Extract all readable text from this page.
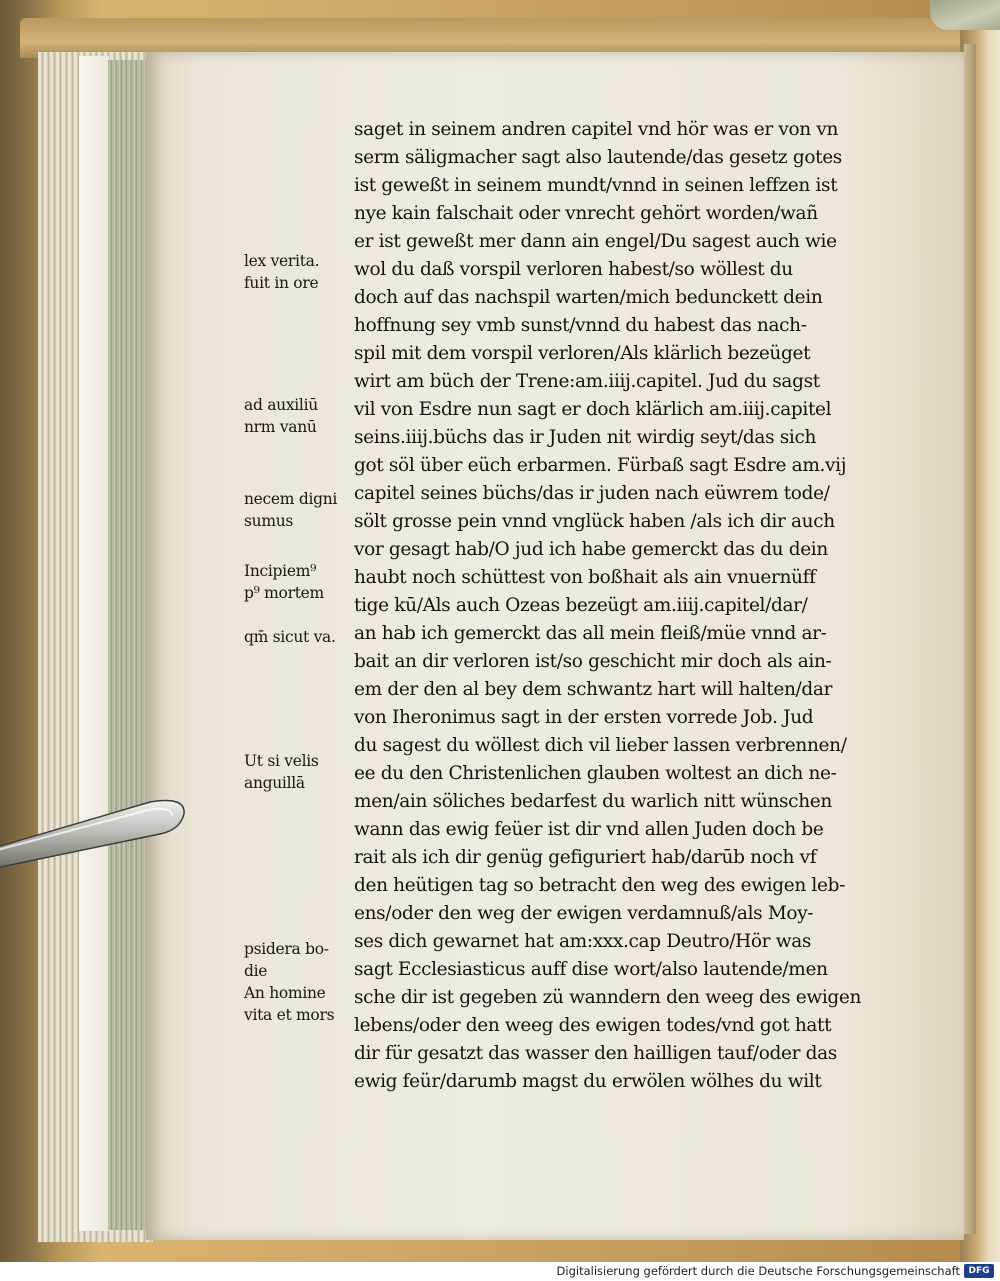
lex verita.
fuit in ore
ad auxiliū
nrm vanū
necem digni
sumus
Incipiem⁹
p⁹ mortem
qm̄ sicut va.
Ut si velis
anguillā
psidera bo‑
die
An homine
vita et mors
saget in seinem andren capitel vnd hör was er von vn
serm säligmacher sagt also lautende/das gesetz gotes
ist geweßt in seinem mundt/vnnd in seinen leffzen ist
nye kain falschait oder vnrecht gehört worden/wañ
er ist geweßt mer dann ain engel/Du sagest auch wie
wol du daß vorspil verloren habest/so wöllest du
doch auf das nachspil warten/mich bedunckett dein
hoffnung sey vmb sunst/vnnd du habest das nach‑
spil mit dem vorspil verloren/Als klärlich bezeüget
wirt am büch der Trene:am.iiij.capitel. Jud du sagst
vil von Esdre nun sagt er doch klärlich am.iiij.capitel
seins.iiij.büchs das ir Juden nit wirdig seyt/das sich
got söl über eüch erbarmen. Fürbaß sagt Esdre am.vij
capitel seines büchs/das ir juden nach eüwrem tode/
sölt grosse pein vnnd vnglück haben /als ich dir auch
vor gesagt hab/O jud ich habe gemerckt das du dein
haubt noch schüttest von boßhait als ain vnuernüff
tige kū/Als auch Ozeas bezeügt am.iiij.capitel/dar/
an hab ich gemerckt das all mein fleiß/müe vnnd ar‑
bait an dir verloren ist/so geschicht mir doch als ain‑
em der den al bey dem schwantz hart will halten/dar
von Iheronimus sagt in der ersten vorrede Job. Jud
du sagest du wöllest dich vil lieber lassen verbrennen/
ee du den Christenlichen glauben woltest an dich ne‑
men/ain söliches bedarfest du warlich nitt wünschen
wann das ewig feüer ist dir vnd allen Juden doch be
rait als ich dir genüg gefiguriert hab/darūb noch vf
den heütigen tag so betracht den weg des ewigen leb‑
ens/oder den weg der ewigen verdamnuß/als Moy‑
ses dich gewarnet hat am:xxx.cap Deutro/Hör was
sagt Ecclesiasticus auff dise wort/also lautende/men
sche dir ist gegeben zü wanndern den weeg des ewigen
lebens/oder den weeg des ewigen todes/vnd got hatt
dir für gesatzt das wasser den hailligen tauf/oder das
ewig feür/darumb magst du erwölen wölhes du wilt
Digitalisierung gefördert durch die Deutsche Forschungsgemeinschaft DFG
